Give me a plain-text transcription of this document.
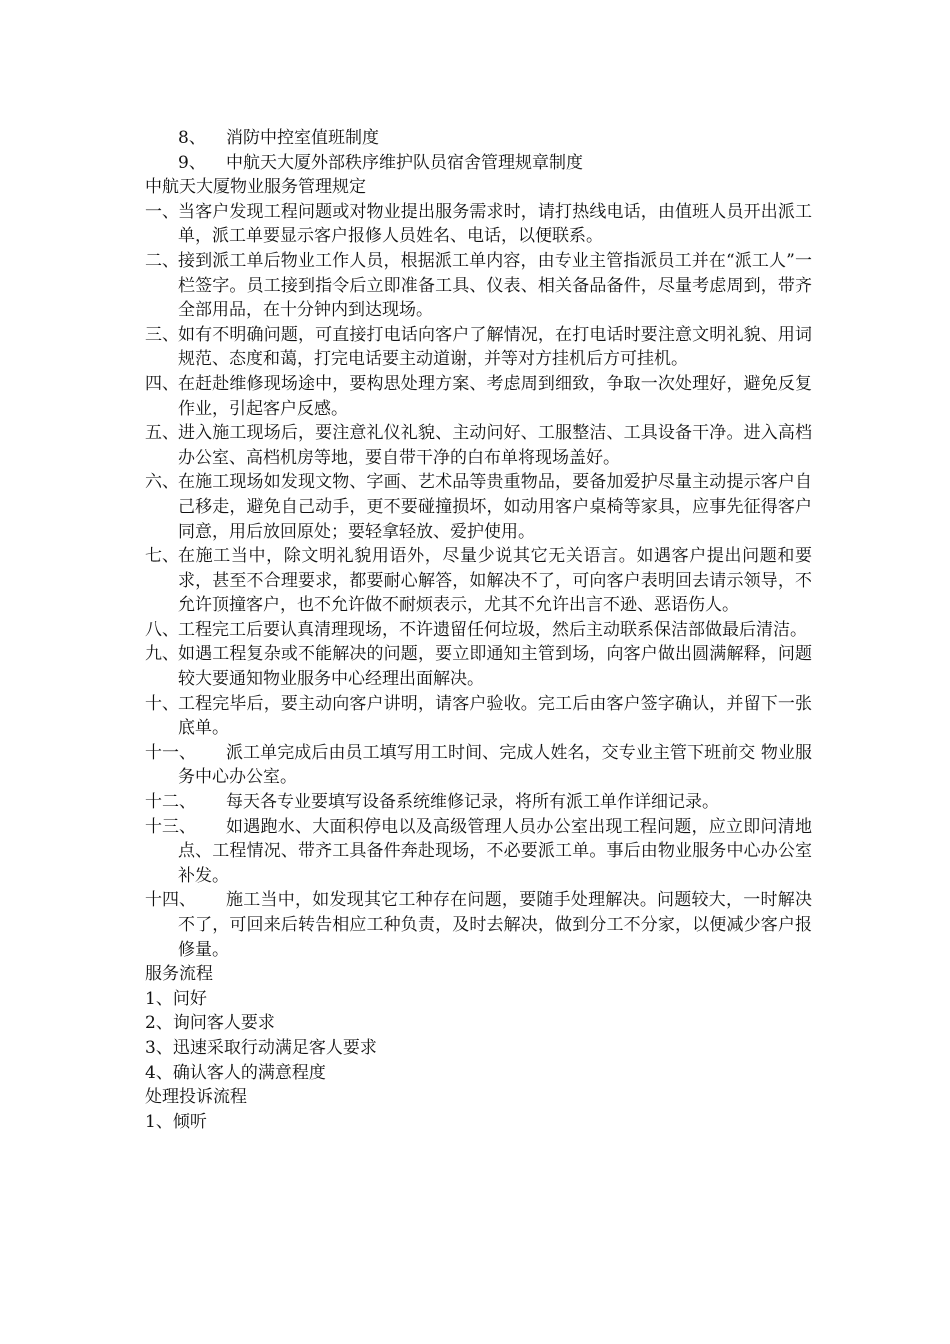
8、 消防中控室值班制度
9、 中航天大厦外部秩序维护队员宿舍管理规章制度
中航天大厦物业服务管理规定
一、 当客户发现工程问题或对物业提出服务需求时，请打热线电话，由值班人员开出派工单，派工单要显示客户报修人员姓名、电话，以便联系。
二、 接到派工单后物业工作人员，根据派工单内容，由专业主管指派员工并在“派工人”一栏签字。员工接到指令后立即准备工具、仪表、相关备品备件，尽量考虑周到，带齐全部用品，在十分钟内到达现场。
三、 如有不明确问题，可直接打电话向客户了解情况，在打电话时要注意文明礼貌、用词规范、态度和蔼，打完电话要主动道谢，并等对方挂机后方可挂机。
四、 在赶赴维修现场途中，要构思处理方案、考虑周到细致，争取一次处理好，避免反复作业，引起客户反感。
五、 进入施工现场后，要注意礼仪礼貌、主动问好、工服整洁、工具设备干净。进入高档办公室、高档机房等地，要自带干净的白布单将现场盖好。
六、 在施工现场如发现文物、字画、艺术品等贵重物品，要备加爱护尽量主动提示客户自己移走，避免自己动手，更不要碰撞损坏，如动用客户桌椅等家具，应事先征得客户同意，用后放回原处；要轻拿轻放、爱护使用。
七、 在施工当中，除文明礼貌用语外，尽量少说其它无关语言。如遇客户提出问题和要求，甚至不合理要求，都要耐心解答，如解决不了，可向客户表明回去请示领导，不允许顶撞客户，也不允许做不耐烦表示，尤其不允许出言不逊、恶语伤人。
八、 工程完工后要认真清理现场，不许遗留任何垃圾，然后主动联系保洁部做最后清洁。
九、 如遇工程复杂或不能解决的问题，要立即通知主管到场，向客户做出圆满解释，问题较大要通知物业服务中心经理出面解决。
十、 工程完毕后，要主动向客户讲明，请客户验收。完工后由客户签字确认，并留下一张底单。
十一、	派工单完成后由员工填写用工时间、完成人姓名，交专业主管下班前交 物业服务中心办公室。
十二、	每天各专业要填写设备系统维修记录，将所有派工单作详细记录。
十三、	如遇跑水、大面积停电以及高级管理人员办公室出现工程问题，应立即问清地点、工程情况、带齐工具备件奔赴现场，不必要派工单。事后由物业服务中心办公室补发。
十四、	施工当中，如发现其它工种存在问题，要随手处理解决。问题较大，一时解决不了，可回来后转告相应工种负责，及时去解决，做到分工不分家，以便减少客户报修量。
服务流程
1、问好
2、询问客人要求
3、迅速采取行动满足客人要求
4、确认客人的满意程度
处理投诉流程
1、倾听
